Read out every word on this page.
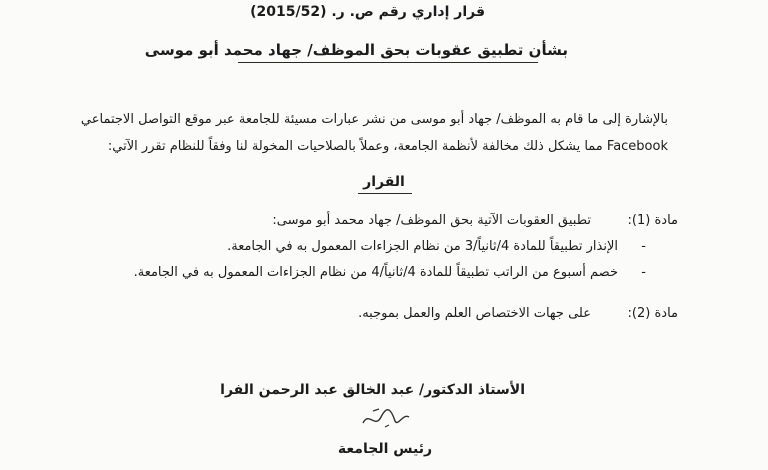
قرار إداري رقم ص. ر. (2015/52)
بشأن تطبيق عقوبات بحق الموظف/ جهاد محمد أبو موسى
بالإشارة إلى ما قام به الموظف/ جهاد أبو موسى من نشر عبارات مسيئة للجامعة عبر موقع التواصل الاجتماعي
Facebook مما يشكل ذلك مخالفة لأنظمة الجامعة، وعملاً بالصلاحيات المخولة لنا وفقاً للنظام تقرر الآتي:
القرار
مادة (1):
تطبيق العقوبات الآتية بحق الموظف/ جهاد محمد أبو موسى:
-
الإنذار تطبيقاً للمادة 4/ثانياً/3 من نظام الجزاءات المعمول به في الجامعة.
-
خصم أسبوع من الراتب تطبيقاً للمادة 4/ثانياً/4 من نظام الجزاءات المعمول به في الجامعة.
مادة (2):
على جهات الاختصاص العلم والعمل بموجبه.
الأستاذ الدكتور/ عبد الخالق عبد الرحمن الفرا
رئيس الجامعة
